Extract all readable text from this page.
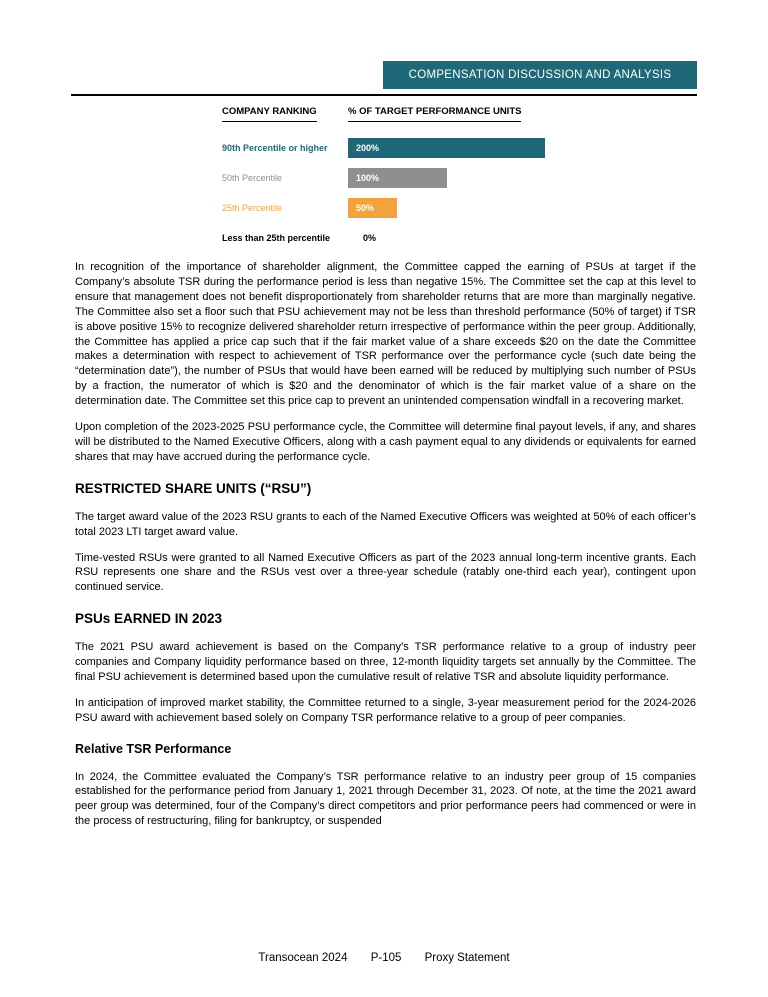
COMPENSATION DISCUSSION AND ANALYSIS
COMPANY RANKING	% OF TARGET PERFORMANCE UNITS
90th Percentile or higher	200%
50th Percentile	100%
25th Percentile	50%
Less than 25th percentile	0%

In recognition of the importance of shareholder alignment, the Committee capped the earning of PSUs at target if the Company’s absolute TSR during the performance period is less than negative 15%. The Committee set the cap at this level to ensure that management does not benefit disproportionately from shareholder returns that are more than marginally negative. The Committee also set a floor such that PSU achievement may not be less than threshold performance (50% of target) if TSR is above positive 15% to recognize delivered shareholder return irrespective of performance within the peer group. Additionally, the Committee has applied a price cap such that if the fair market value of a share exceeds $20 on the date the Committee makes a determination with respect to achievement of TSR performance over the performance cycle (such date being the “determination date”), the number of PSUs that would have been earned will be reduced by multiplying such number of PSUs by a fraction, the numerator of which is $20 and the denominator of which is the fair market value of a share on the determination date. The Committee set this price cap to prevent an unintended compensation windfall in a recovering market.

Upon completion of the 2023-2025 PSU performance cycle, the Committee will determine final payout levels, if any, and shares will be distributed to the Named Executive Officers, along with a cash payment equal to any dividends or equivalents for earned shares that may have accrued during the performance cycle.

RESTRICTED SHARE UNITS (“RSU”)

The target award value of the 2023 RSU grants to each of the Named Executive Officers was weighted at 50% of each officer’s total 2023 LTI target award value.

Time-vested RSUs were granted to all Named Executive Officers as part of the 2023 annual long-term incentive grants. Each RSU represents one share and the RSUs vest over a three-year schedule (ratably one-third each year), contingent upon continued service.

PSUs EARNED IN 2023

The 2021 PSU award achievement is based on the Company’s TSR performance relative to a group of industry peer companies and Company liquidity performance based on three, 12-month liquidity targets set annually by the Committee. The final PSU achievement is determined based upon the cumulative result of relative TSR and absolute liquidity performance.

In anticipation of improved market stability, the Committee returned to a single, 3-year measurement period for the 2024-2026 PSU award with achievement based solely on Company TSR performance relative to a group of peer companies.

Relative TSR Performance

In 2024, the Committee evaluated the Company’s TSR performance relative to an industry peer group of 15 companies established for the performance period from January 1, 2021 through December 31, 2023. Of note, at the time the 2021 award peer group was determined, four of the Company’s direct competitors and prior performance peers had commenced or were in the process of restructuring, filing for bankruptcy, or suspended

Transocean 2024 P-105 Proxy Statement
